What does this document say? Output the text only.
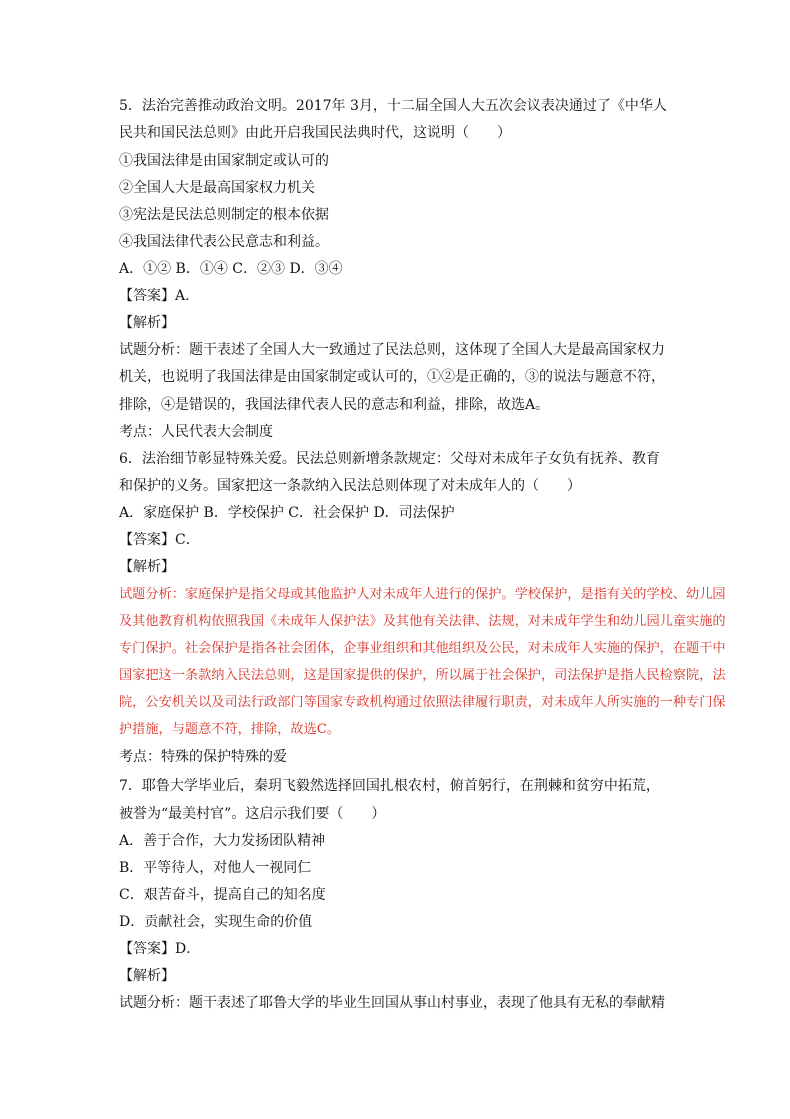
5．法治完善推动政治文明。2017年 3月，十二届全国人大五次会议表决通过了《中华人
民共和国民法总则》由此开启我国民法典时代，这说明（　　）
①我国法律是由国家制定或认可的
②全国人大是最高国家权力机关
③宪法是民法总则制定的根本依据
④我国法律代表公民意志和利益。
A．①② B．①④ C．②③ D．③④
【答案】A．
【解析】
试题分析：题干表述了全国人大一致通过了民法总则，这体现了全国人大是最高国家权力
机关，也说明了我国法律是由国家制定或认可的，①②是正确的，③的说法与题意不符，
排除，④是错误的，我国法律代表人民的意志和利益，排除，故选A。
考点：人民代表大会制度
6．法治细节彰显特殊关爱。民法总则新增条款规定：父母对未成年子女负有抚养、教育
和保护的义务。国家把这一条款纳入民法总则体现了对未成年人的（　　）
A．家庭保护 B．学校保护 C．社会保护 D．司法保护
【答案】C．
【解析】
试题分析：家庭保护是指父母或其他监护人对未成年人进行的保护。学校保护，是指有关的学校、幼儿园
及其他教育机构依照我国《未成年人保护法》及其他有关法律、法规，对未成年学生和幼儿园儿童实施的
专门保护。社会保护是指各社会团体，企事业组织和其他组织及公民，对未成年人实施的保护，在题干中
国家把这一条款纳入民法总则，这是国家提供的保护，所以属于社会保护，司法保护是指人民检察院，法
院，公安机关以及司法行政部门等国家专政机构通过依照法律履行职责，对未成年人所实施的一种专门保
护措施，与题意不符，排除，故选C。
考点：特殊的保护特殊的爱
7．耶鲁大学毕业后，秦玥飞毅然选择回国扎根农村，俯首躬行，在荆棘和贫穷中拓荒，
被誉为“最美村官”。这启示我们要（　　）
A．善于合作，大力发扬团队精神
B．平等待人，对他人一视同仁
C．艰苦奋斗，提高自己的知名度
D．贡献社会，实现生命的价值
【答案】D．
【解析】
试题分析：题干表述了耶鲁大学的毕业生回国从事山村事业，表现了他具有无私的奉献精
